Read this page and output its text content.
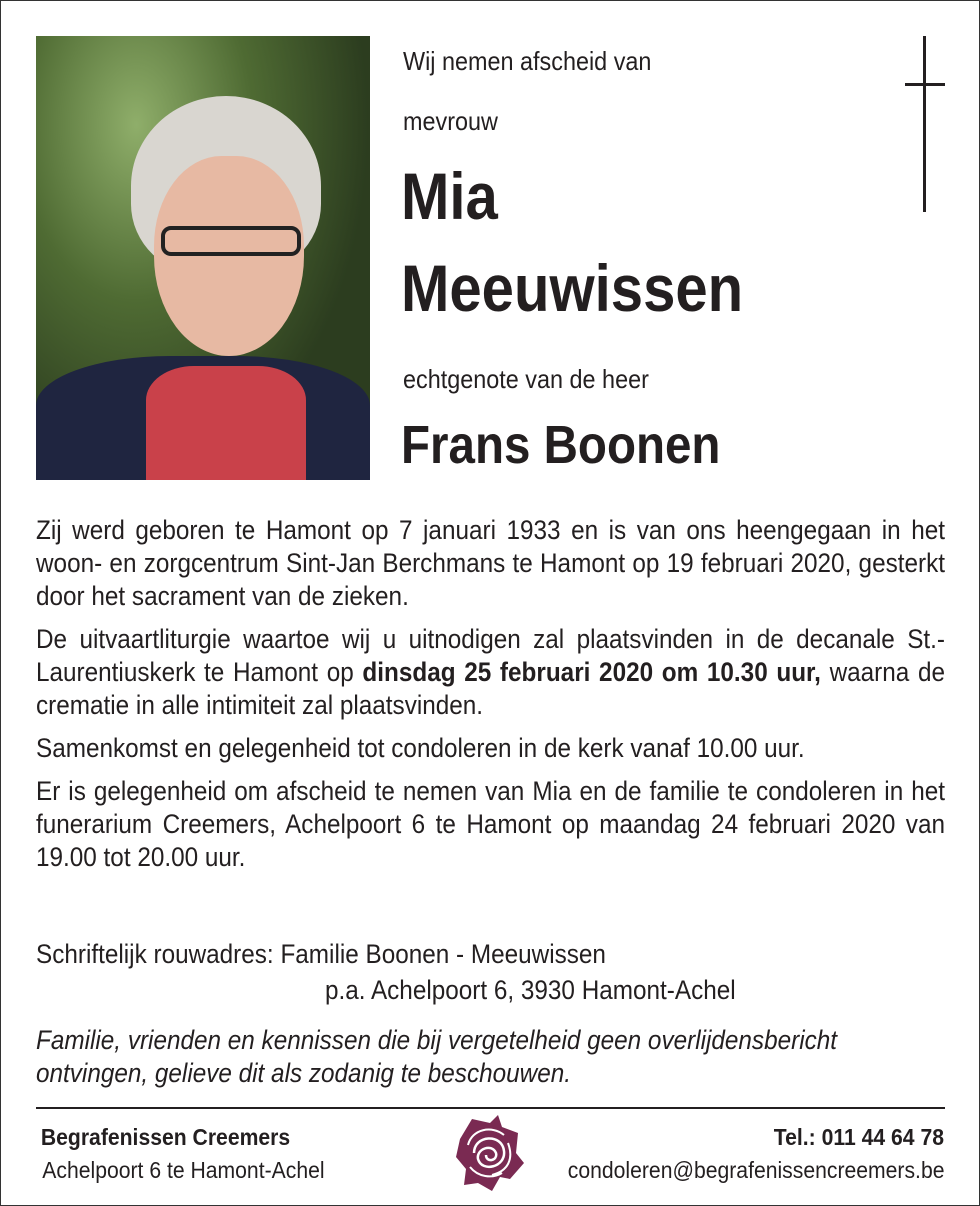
Wij nemen afscheid van
mevrouw
Mia
Meeuwissen
echtgenote van de heer
Frans Boonen

Zij werd geboren te Hamont op 7 januari 1933 en is van ons heengegaan in het woon- en zorgcentrum Sint-Jan Berchmans te Hamont op 19 februari 2020, gesterkt door het sacrament van de zieken.

De uitvaartliturgie waartoe wij u uitnodigen zal plaatsvinden in de decanale St.-Laurentiuskerk te Hamont op dinsdag 25 februari 2020 om 10.30 uur, waarna de crematie in alle intimiteit zal plaatsvinden.

Samenkomst en gelegenheid tot condoleren in de kerk vanaf 10.00 uur.

Er is gelegenheid om afscheid te nemen van Mia en de familie te condoleren in het funerarium Creemers, Achelpoort 6 te Hamont op maandag 24 februari 2020 van 19.00 tot 20.00 uur.

Schriftelijk rouwadres: Familie Boonen - Meeuwissen
p.a. Achelpoort 6, 3930 Hamont-Achel
Familie, vrienden en kennissen die bij vergetelheid geen overlijdensbericht ontvingen, gelieve dit als zodanig te beschouwen.
Begrafenissen Creemers
Achelpoort 6 te Hamont-Achel
Tel.: 011 44 64 78
condoleren@begrafenissencreemers.be
